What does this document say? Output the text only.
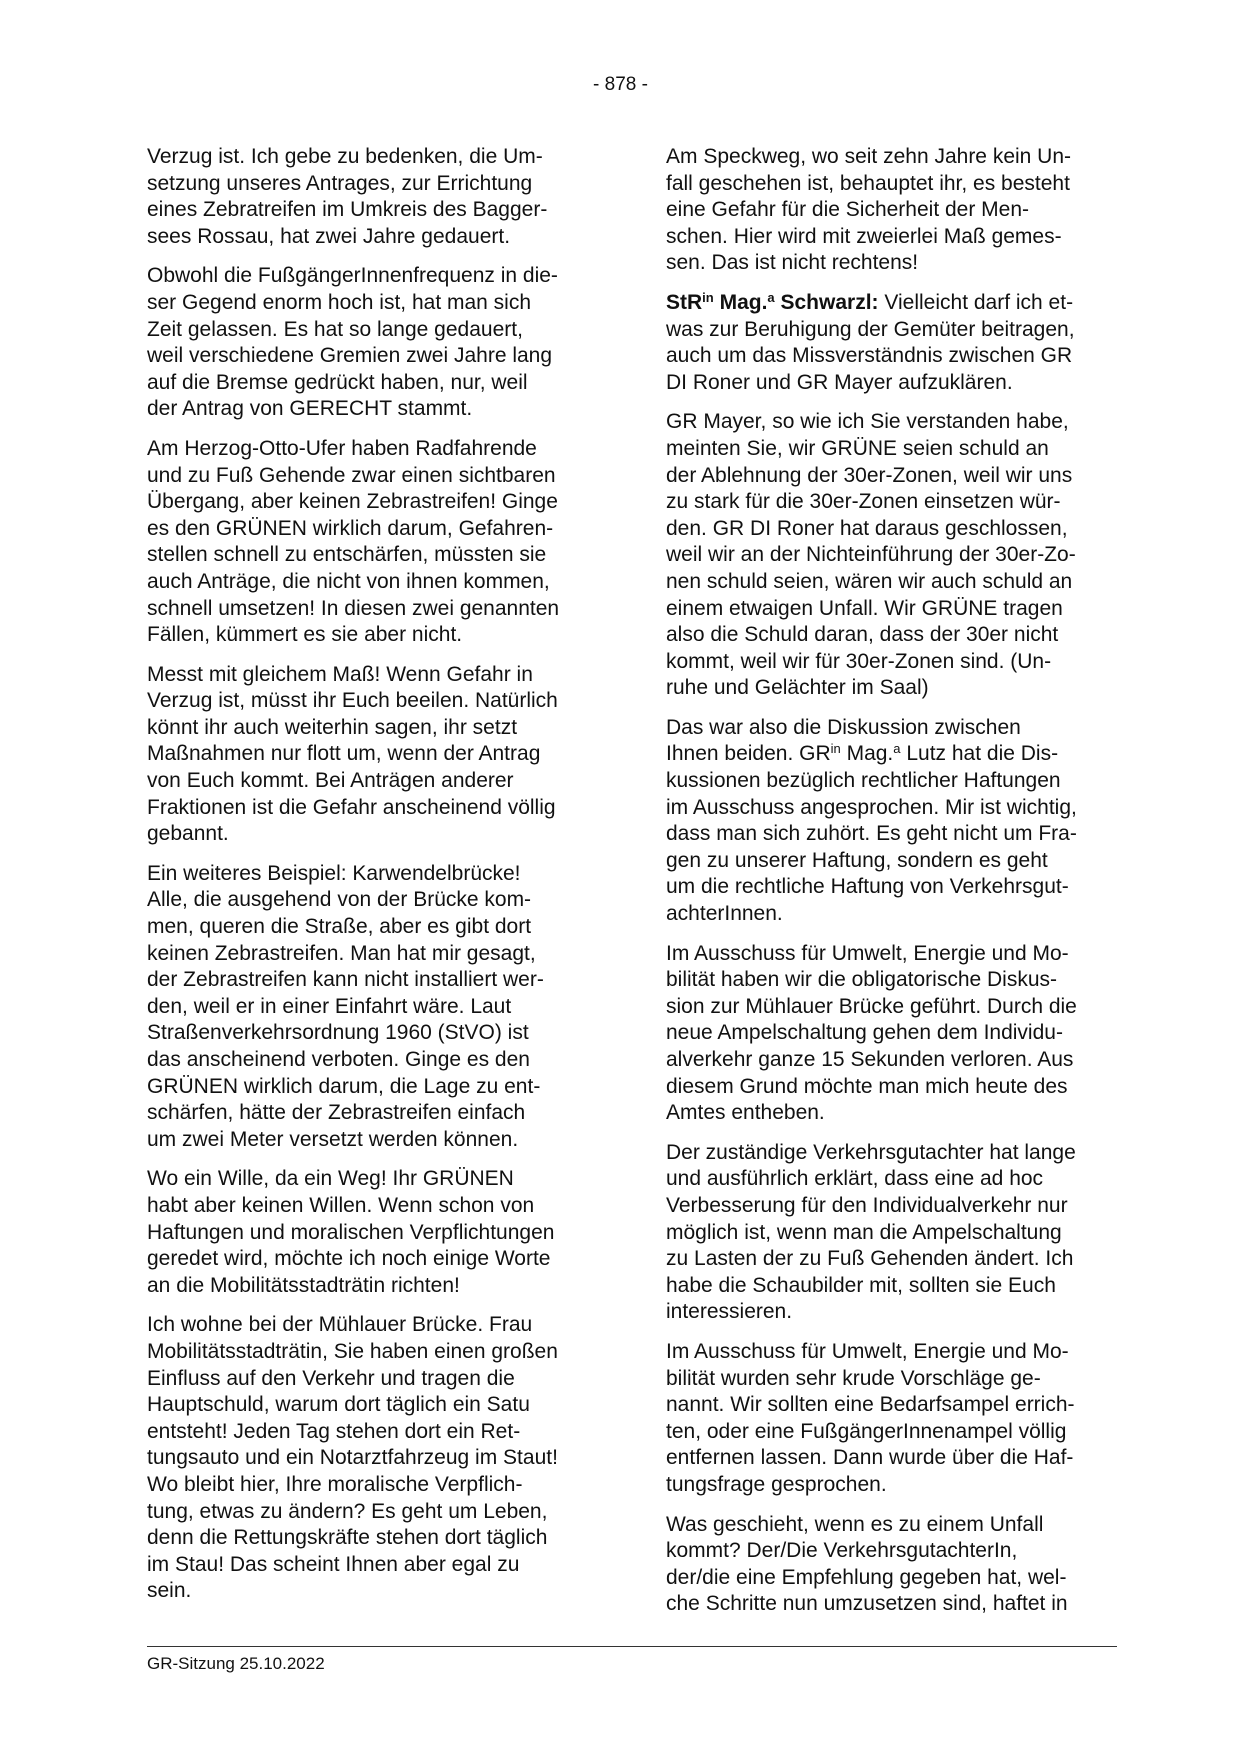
- 878 -

Verzug ist. Ich gebe zu bedenken, die Um-
setzung unseres Antrages, zur Errichtung
eines Zebratreifen im Umkreis des Bagger-
sees Rossau, hat zwei Jahre gedauert.

Obwohl die FußgängerInnenfrequenz in die-
ser Gegend enorm hoch ist, hat man sich
Zeit gelassen. Es hat so lange gedauert,
weil verschiedene Gremien zwei Jahre lang
auf die Bremse gedrückt haben, nur, weil
der Antrag von GERECHT stammt.

Am Herzog-Otto-Ufer haben Radfahrende
und zu Fuß Gehende zwar einen sichtbaren
Übergang, aber keinen Zebrastreifen! Ginge
es den GRÜNEN wirklich darum, Gefahren-
stellen schnell zu entschärfen, müssten sie
auch Anträge, die nicht von ihnen kommen,
schnell umsetzen! In diesen zwei genannten
Fällen, kümmert es sie aber nicht.

Messt mit gleichem Maß! Wenn Gefahr in
Verzug ist, müsst ihr Euch beeilen. Natürlich
könnt ihr auch weiterhin sagen, ihr setzt
Maßnahmen nur flott um, wenn der Antrag
von Euch kommt. Bei Anträgen anderer
Fraktionen ist die Gefahr anscheinend völlig
gebannt.

Ein weiteres Beispiel: Karwendelbrücke!
Alle, die ausgehend von der Brücke kom-
men, queren die Straße, aber es gibt dort
keinen Zebrastreifen. Man hat mir gesagt,
der Zebrastreifen kann nicht installiert wer-
den, weil er in einer Einfahrt wäre. Laut
Straßenverkehrsordnung 1960 (StVO) ist
das anscheinend verboten. Ginge es den
GRÜNEN wirklich darum, die Lage zu ent-
schärfen, hätte der Zebrastreifen einfach
um zwei Meter versetzt werden können.

Wo ein Wille, da ein Weg! Ihr GRÜNEN
habt aber keinen Willen. Wenn schon von
Haftungen und moralischen Verpflichtungen
geredet wird, möchte ich noch einige Worte
an die Mobilitätsstadträtin richten!

Ich wohne bei der Mühlauer Brücke. Frau
Mobilitätsstadträtin, Sie haben einen großen
Einfluss auf den Verkehr und tragen die
Hauptschuld, warum dort täglich ein Satu
entsteht! Jeden Tag stehen dort ein Ret-
tungsauto und ein Notarztfahrzeug im Staut!
Wo bleibt hier, Ihre moralische Verpflich-
tung, etwas zu ändern? Es geht um Leben,
denn die Rettungskräfte stehen dort täglich
im Stau! Das scheint Ihnen aber egal zu
sein.

Am Speckweg, wo seit zehn Jahre kein Un-
fall geschehen ist, behauptet ihr, es besteht
eine Gefahr für die Sicherheit der Men-
schen. Hier wird mit zweierlei Maß gemes-
sen. Das ist nicht rechtens!

StR$^{in}$ Mag.$^a$ Schwarzl: Vielleicht darf ich et-
was zur Beruhigung der Gemüter beitragen,
auch um das Missverständnis zwischen GR
DI Roner und GR Mayer aufzuklären.

GR Mayer, so wie ich Sie verstanden habe,
meinten Sie, wir GRÜNE seien schuld an
der Ablehnung der 30er-Zonen, weil wir uns
zu stark für die 30er-Zonen einsetzen wür-
den. GR DI Roner hat daraus geschlossen,
weil wir an der Nichteinführung der 30er-Zo-
nen schuld seien, wären wir auch schuld an
einem etwaigen Unfall. Wir GRÜNE tragen
also die Schuld daran, dass der 30er nicht
kommt, weil wir für 30er-Zonen sind. (Un-
ruhe und Gelächter im Saal)

Das war also die Diskussion zwischen
Ihnen beiden. $GR^{in}$ Mag.$^a$ Lutz hat die Dis-
kussionen bezüglich rechtlicher Haftungen
im Ausschuss angesprochen. Mir ist wichtig,
dass man sich zuhört. Es geht nicht um Fra-
gen zu unserer Haftung, sondern es geht
um die rechtliche Haftung von Verkehrsgut-
achterInnen.

Im Ausschuss für Umwelt, Energie und Mo-
bilität haben wir die obligatorische Diskus-
sion zur Mühlauer Brücke geführt. Durch die
neue Ampelschaltung gehen dem Individu-
alverkehr ganze 15 Sekunden verloren. Aus
diesem Grund möchte man mich heute des
Amtes entheben.

Der zuständige Verkehrsgutachter hat lange
und ausführlich erklärt, dass eine ad hoc
Verbesserung für den Individualverkehr nur
möglich ist, wenn man die Ampelschaltung
zu Lasten der zu Fuß Gehenden ändert. Ich
habe die Schaubilder mit, sollten sie Euch
interessieren.

Im Ausschuss für Umwelt, Energie und Mo-
bilität wurden sehr krude Vorschläge ge-
nannt. Wir sollten eine Bedarfsampel errich-
ten, oder eine FußgängerInnenampel völlig
entfernen lassen. Dann wurde über die Haf-
tungsfrage gesprochen.

Was geschieht, wenn es zu einem Unfall
kommt? Der/Die VerkehrsgutachterIn,
der/die eine Empfehlung gegeben hat, wel-
che Schritte nun umzusetzen sind, haftet in

GR-Sitzung 25.10.2022
